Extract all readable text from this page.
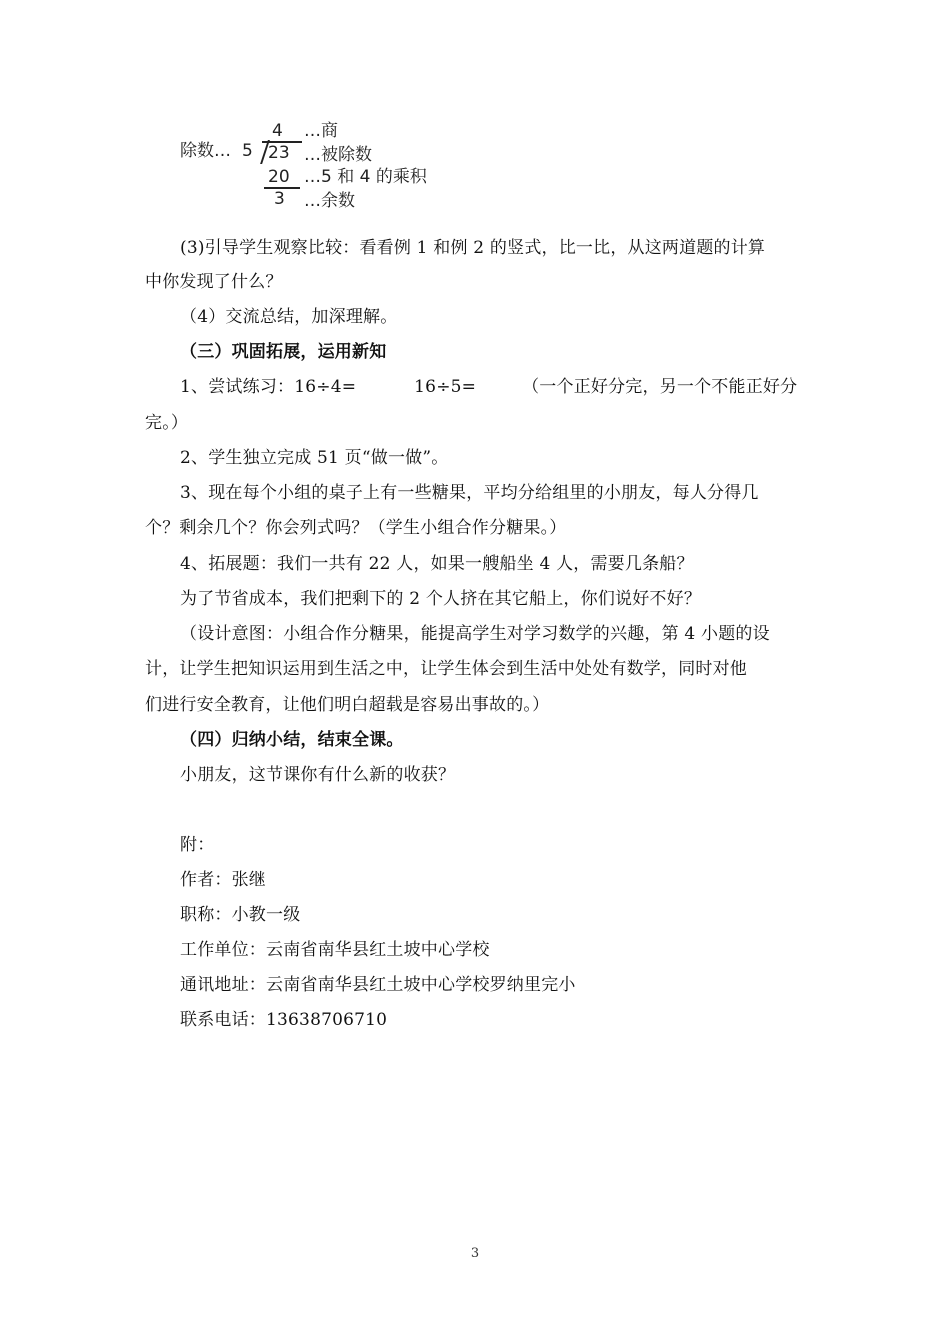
除数… 5
4 …商
23 …被除数
20 …5 和 4 的乘积
3 …余数
(3)引导学生观察比较：看看例 1 和例 2 的竖式，比一比，从这两道题的计算
中你发现了什么？
（4）交流总结，加深理解。
（三）巩固拓展，运用新知
1、尝试练习：16÷4=	16÷5=	（一个正好分完，另一个不能正好分
完。）
2、学生独立完成 51 页“做一做”。
3、现在每个小组的桌子上有一些糖果，平均分给组里的小朋友，每人分得几
个？剩余几个？你会列式吗？（学生小组合作分糖果。）
4、拓展题：我们一共有 22 人，如果一艘船坐 4 人，需要几条船？
为了节省成本，我们把剩下的 2 个人挤在其它船上，你们说好不好？
（设计意图：小组合作分糖果，能提高学生对学习数学的兴趣，第 4 小题的设
计，让学生把知识运用到生活之中，让学生体会到生活中处处有数学，同时对他
们进行安全教育，让他们明白超载是容易出事故的。）
（四）归纳小结，结束全课。
小朋友，这节课你有什么新的收获？
附：
作者：张继
职称：小教一级
工作单位：云南省南华县红土坡中心学校
通讯地址：云南省南华县红土坡中心学校罗纳里完小
联系电话：13638706710
3
